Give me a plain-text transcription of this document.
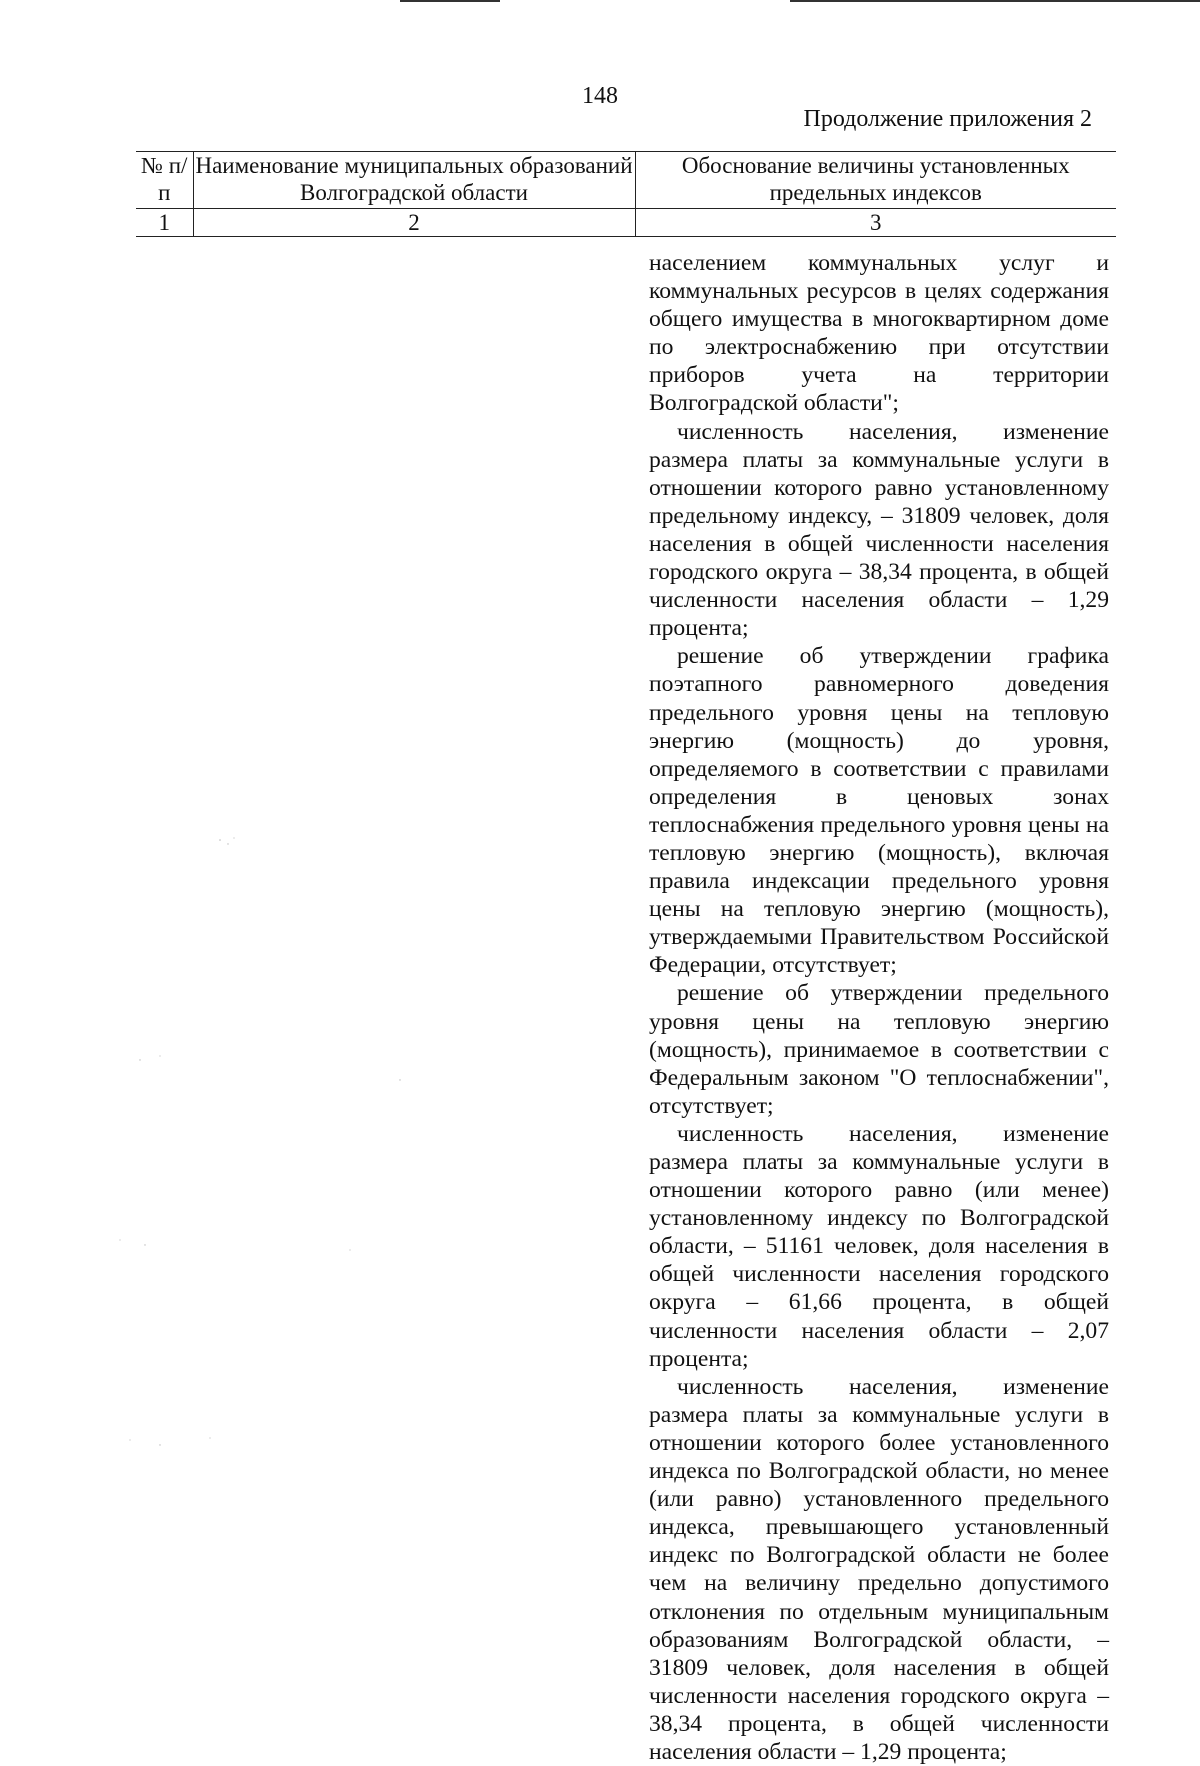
148
Продолжение приложения 2
№ п/п	Наименование муниципальных образований Волгоградской области	Обоснование величины установленных предельных индексов
1	2	3

населением коммунальных услуг и коммунальных ресурсов в целях содержания общего имущества в многоквартирном доме по электроснабжению при отсутствии приборов учета на территории Волгоградской области";

численность населения, изменение размера платы за коммунальные услуги в отношении которого равно установленному предельному индексу, – 31809 человек, доля населения в общей численности населения городского округа – 38,34 процента, в общей численности населения области – 1,29 процента;

решение об утверждении графика поэтапного равномерного доведения предельного уровня цены на тепловую энергию (мощность) до уровня, определяемого в соответствии с правилами определения в ценовых зонах теплоснабжения предельного уровня цены на тепловую энергию (мощность), включая правила индексации предельного уровня цены на тепловую энергию (мощность), утверждаемыми Правительством Российской Федерации, отсутствует;

решение об утверждении предельного уровня цены на тепловую энергию (мощность), принимаемое в соответствии с Федеральным законом "О теплоснабжении", отсутствует;

численность населения, изменение размера платы за коммунальные услуги в отношении которого равно (или менее) установленному индексу по Волгоградской области, – 51161 человек, доля населения в общей численности населения городского округа – 61,66 процента, в общей численности населения области – 2,07 процента;

численность населения, изменение размера платы за коммунальные услуги в отношении которого более установленного индекса по Волгоградской области, но менее (или равно) установленного предельного индекса, превышающего установленный индекс по Волгоградской области не более чем на величину предельно допустимого отклонения по отдельным муниципальным образованиям Волгоградской области, – 31809 человек, доля населения в общей численности населения городского округа – 38,34 процента, в общей численности населения области – 1,29 процента;
